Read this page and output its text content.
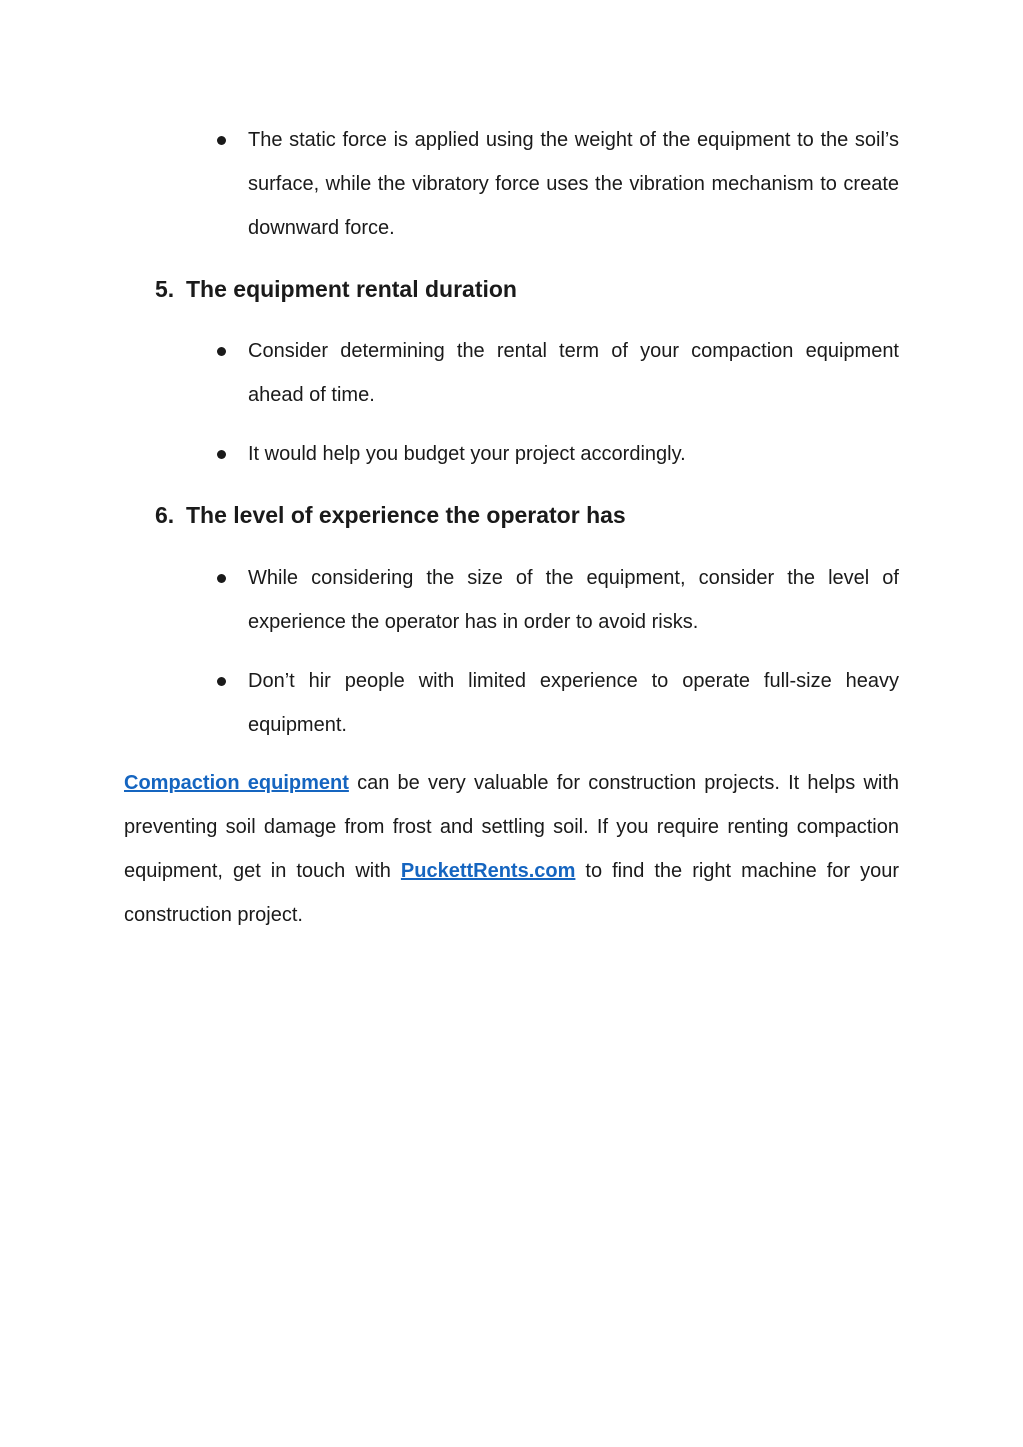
The static force is applied using the weight of the equipment to the soil’s surface, while the vibratory force uses the vibration mechanism to create downward force.
5. The equipment rental duration
Consider determining the rental term of your compaction equipment ahead of time.
It would help you budget your project accordingly.
6. The level of experience the operator has
While considering the size of the equipment, consider the level of experience the operator has in order to avoid risks.
Don’t hir people with limited experience to operate full-size heavy equipment.
Compaction equipment can be very valuable for construction projects. It helps with preventing soil damage from frost and settling soil. If you require renting compaction equipment, get in touch with PuckettRents.com to find the right machine for your construction project.
